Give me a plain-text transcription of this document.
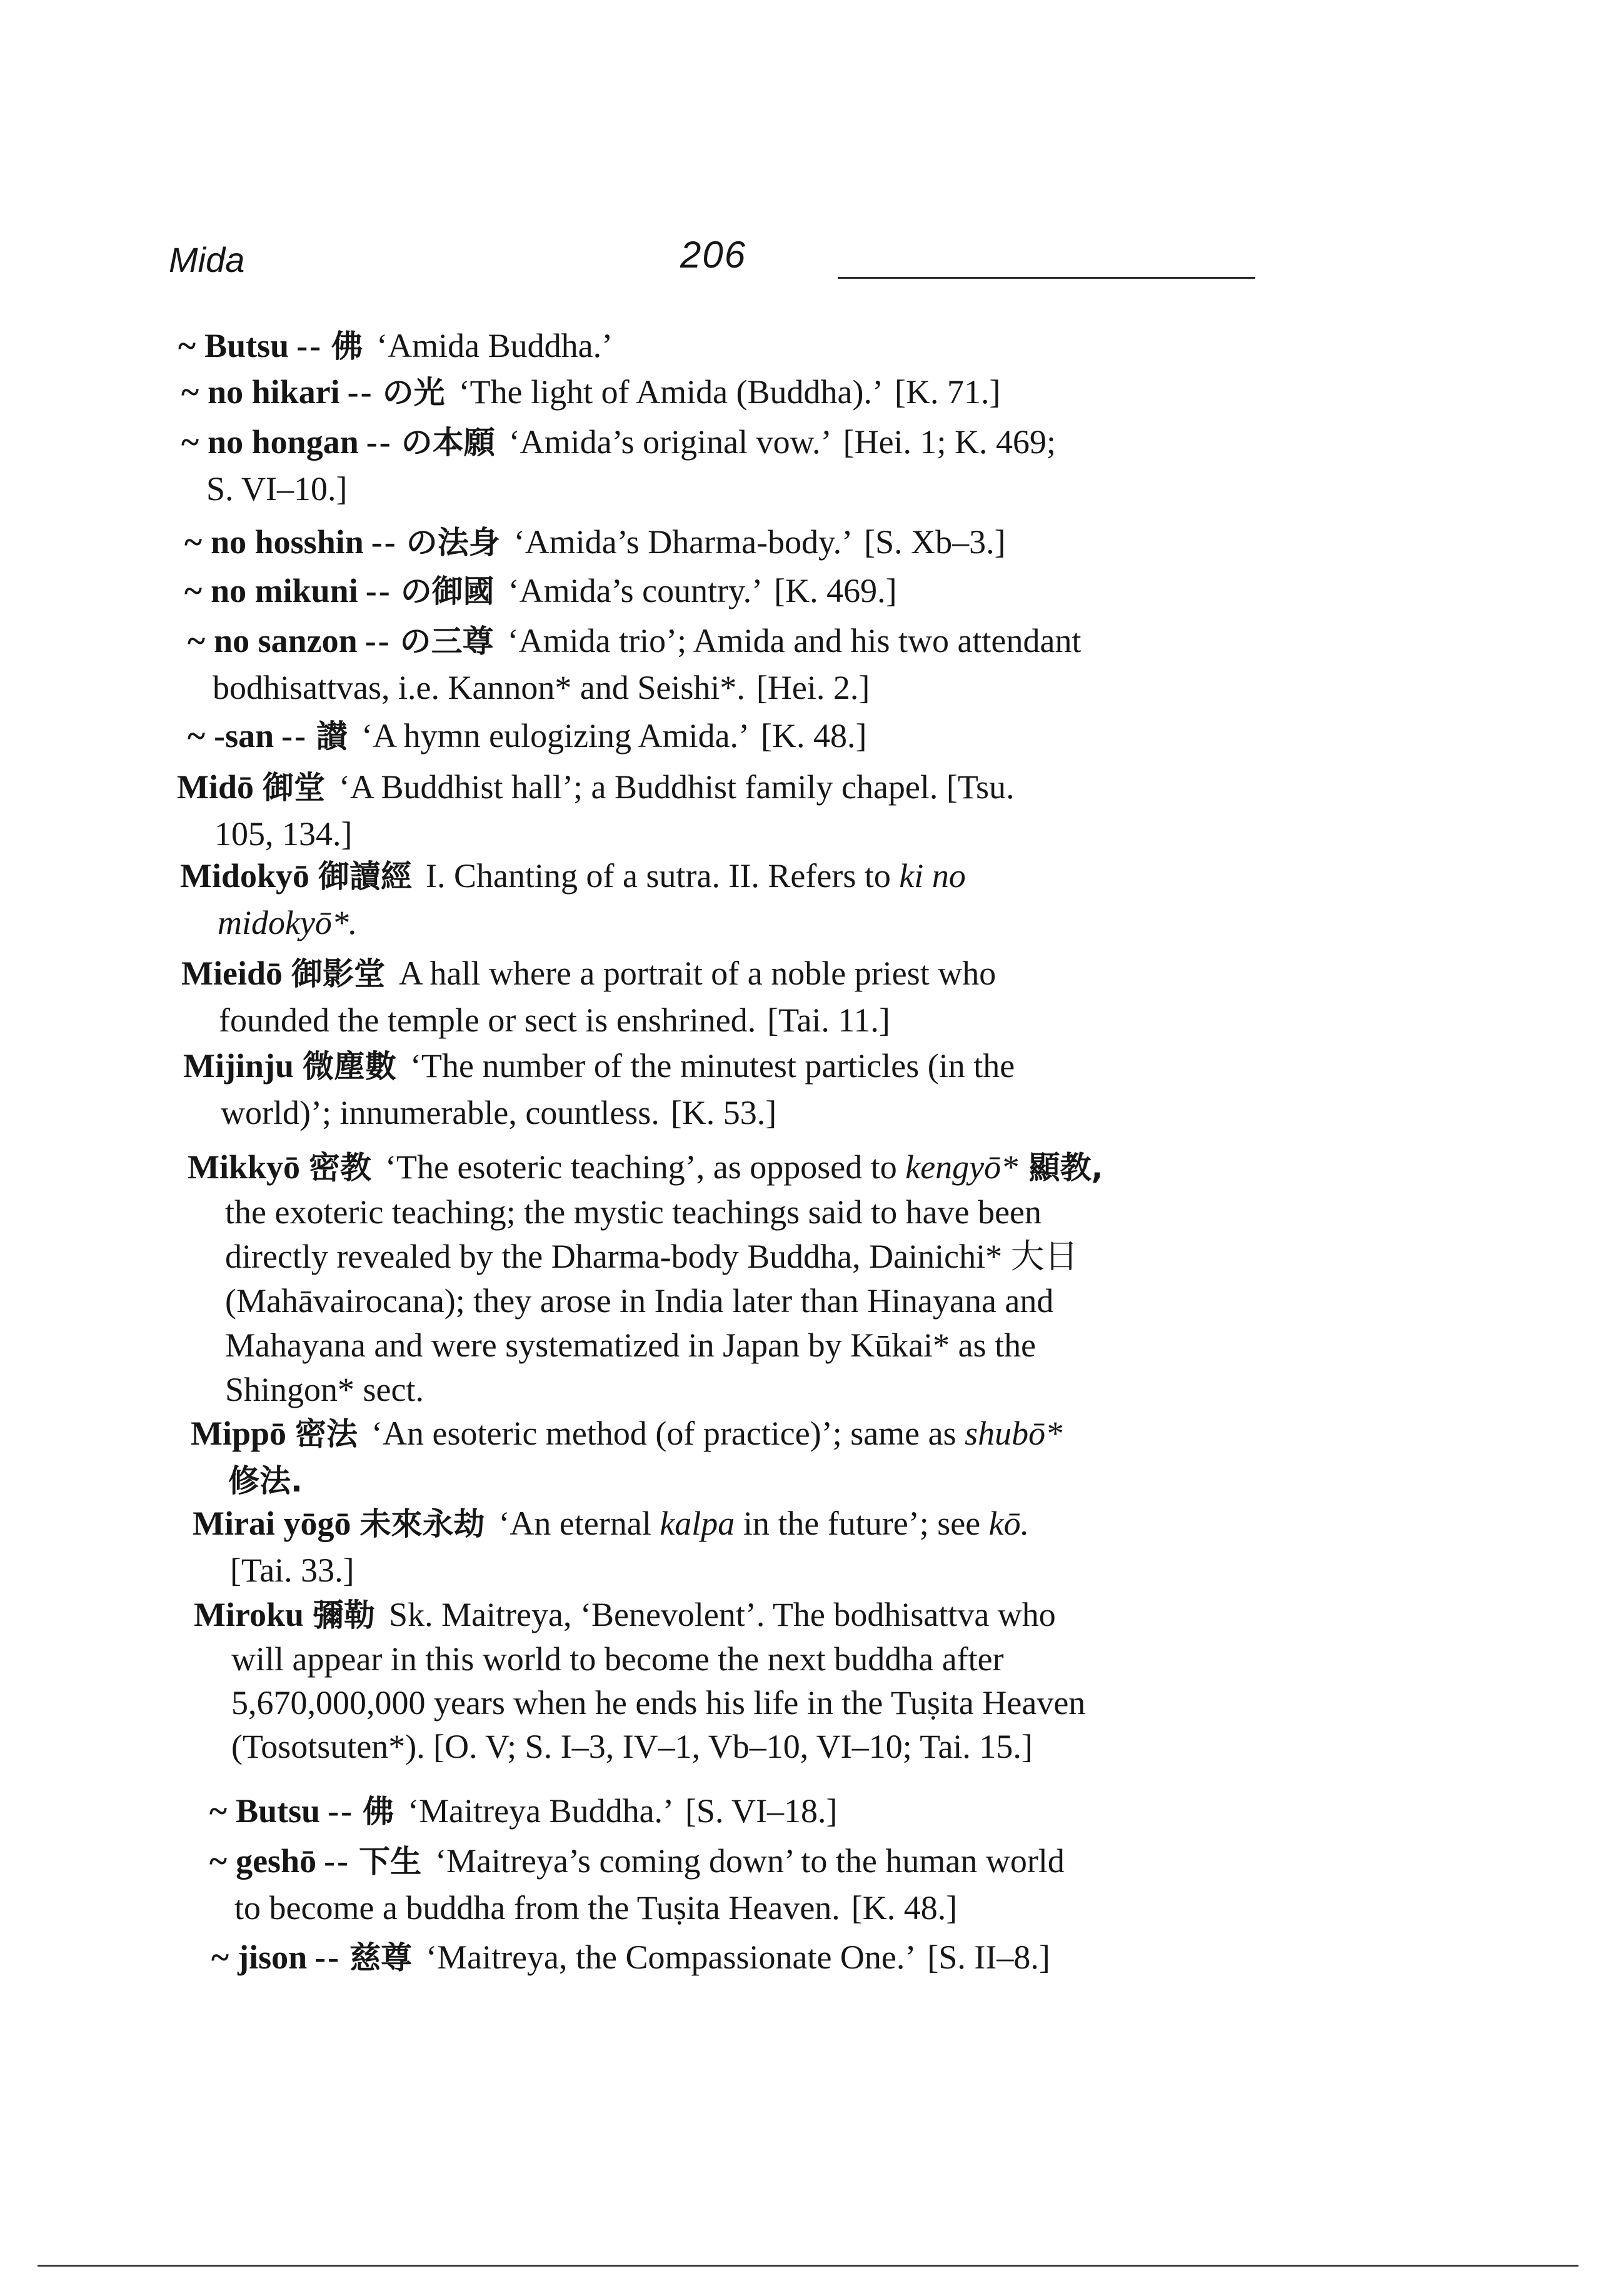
Mida	206
~ Butsu -- 佛 ‘Amida Buddha.’
~ no hikari -- の光 ‘The light of Amida (Buddha).’ [K. 71.]
~ no hongan -- の本願 ‘Amida’s original vow.’ [Hei. 1; K. 469;
S. VI–10.]
~ no hosshin -- の法身 ‘Amida’s Dharma-body.’ [S. Xb–3.]
~ no mikuni -- の御國 ‘Amida’s country.’ [K. 469.]
~ no sanzon -- の三尊 ‘Amida trio’; Amida and his two attendant
bodhisattvas, i.e. Kannon* and Seishi*. [Hei. 2.]
~ -san -- 讃 ‘A hymn eulogizing Amida.’ [K. 48.]
Midō 御堂 ‘A Buddhist hall’; a Buddhist family chapel. [Tsu.
105, 134.]
Midokyō 御讀經 I. Chanting of a sutra. II. Refers to ki no
midokyō*.
Mieidō 御影堂 A hall where a portrait of a noble priest who
founded the temple or sect is enshrined. [Tai. 11.]
Mijinju 微塵數 ‘The number of the minutest particles (in the
world)’; innumerable, countless. [K. 53.]
Mikkyō 密教 ‘The esoteric teaching’, as opposed to kengyō* 顯教,
the exoteric teaching; the mystic teachings said to have been
directly revealed by the Dharma-body Buddha, Dainichi* 大日
(Mahāvairocana); they arose in India later than Hinayana and
Mahayana and were systematized in Japan by Kūkai* as the
Shingon* sect.
Mippō 密法 ‘An esoteric method (of practice)’; same as shubō*
修法.
Mirai yōgō 未來永劫 ‘An eternal kalpa in the future’; see kō.
[Tai. 33.]
Miroku 彌勒 Sk. Maitreya, ‘Benevolent’. The bodhisattva who
will appear in this world to become the next buddha after
5,670,000,000 years when he ends his life in the Tuṣita Heaven
(Tosotsuten*). [O. V; S. I–3, IV–1, Vb–10, VI–10; Tai. 15.]
~ Butsu -- 佛 ‘Maitreya Buddha.’ [S. VI–18.]
~ geshō -- 下生 ‘Maitreya’s coming down’ to the human world
to become a buddha from the Tuṣita Heaven. [K. 48.]
~ jison -- 慈尊 ‘Maitreya, the Compassionate One.’ [S. II–8.]
